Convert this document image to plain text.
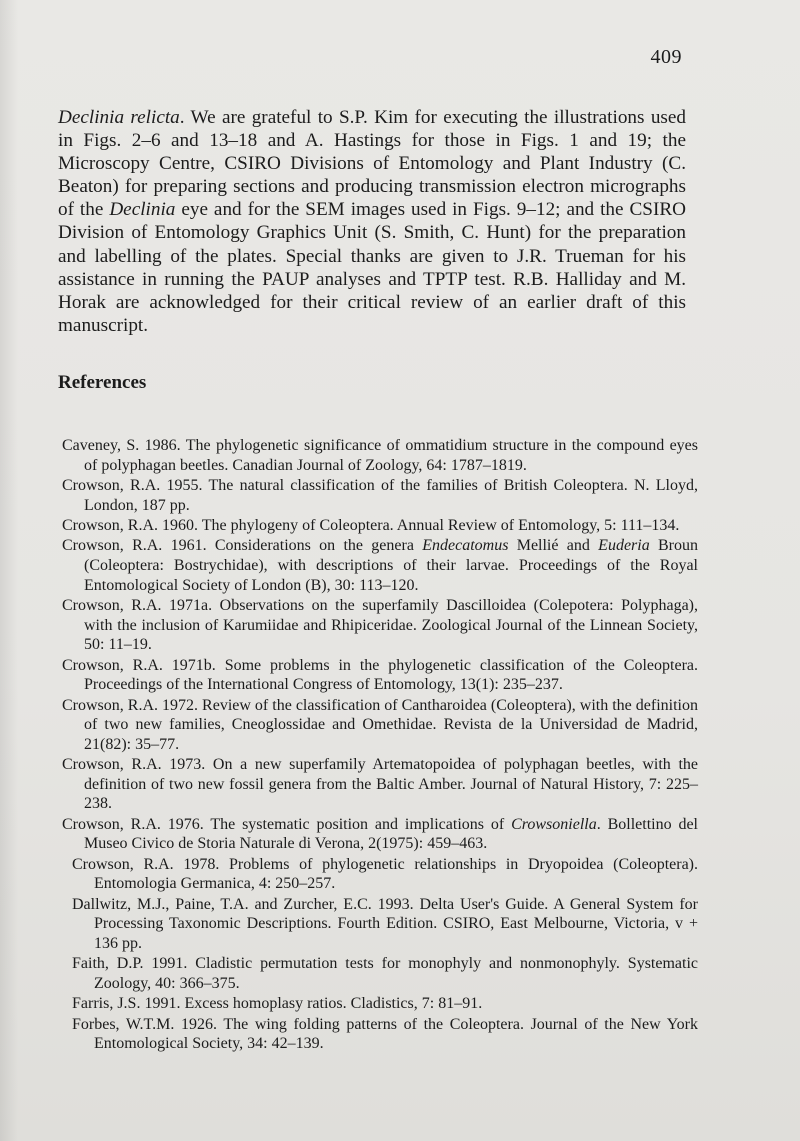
409

Declinia relicta. We are grateful to S.P. Kim for executing the illustrations used in Figs. 2–6 and 13–18 and A. Hastings for those in Figs. 1 and 19; the Microscopy Centre, CSIRO Divisions of Entomology and Plant Industry (C. Beaton) for preparing sections and producing transmission electron micrographs of the Declinia eye and for the SEM images used in Figs. 9–12; and the CSIRO Division of Entomology Graphics Unit (S. Smith, C. Hunt) for the preparation and labelling of the plates. Special thanks are given to J.R. Trueman for his assistance in running the PAUP analyses and TPTP test. R.B. Halliday and M. Horak are acknowledged for their critical review of an earlier draft of this manuscript.

References
Caveney, S. 1986. The phylogenetic significance of ommatidium structure in the compound eyes of polyphagan beetles. Canadian Journal of Zoology, 64: 1787–1819.
Crowson, R.A. 1955. The natural classification of the families of British Coleoptera. N. Lloyd, London, 187 pp.
Crowson, R.A. 1960. The phylogeny of Coleoptera. Annual Review of Entomology, 5: 111–134.
Crowson, R.A. 1961. Considerations on the genera Endecatomus Mellié and Euderia Broun (Coleoptera: Bostrychidae), with descriptions of their larvae. Proceedings of the Royal Entomological Society of London (B), 30: 113–120.
Crowson, R.A. 1971a. Observations on the superfamily Dascilloidea (Colepotera: Polyphaga), with the inclusion of Karumiidae and Rhipiceridae. Zoological Journal of the Linnean Society, 50: 11–19.
Crowson, R.A. 1971b. Some problems in the phylogenetic classification of the Coleoptera. Proceedings of the International Congress of Entomology, 13(1): 235–237.
Crowson, R.A. 1972. Review of the classification of Cantharoidea (Coleoptera), with the definition of two new families, Cneoglossidae and Omethidae. Revista de la Universidad de Madrid, 21(82): 35–77.
Crowson, R.A. 1973. On a new superfamily Artematopoidea of polyphagan beetles, with the definition of two new fossil genera from the Baltic Amber. Journal of Natural History, 7: 225–238.
Crowson, R.A. 1976. The systematic position and implications of Crowsoniella. Bollettino del Museo Civico de Storia Naturale di Verona, 2(1975): 459–463.
Crowson, R.A. 1978. Problems of phylogenetic relationships in Dryopoidea (Coleoptera). Entomologia Germanica, 4: 250–257.
Dallwitz, M.J., Paine, T.A. and Zurcher, E.C. 1993. Delta User's Guide. A General System for Processing Taxonomic Descriptions. Fourth Edition. CSIRO, East Melbourne, Victoria, v + 136 pp.
Faith, D.P. 1991. Cladistic permutation tests for monophyly and nonmonophyly. Systematic Zoology, 40: 366–375.
Farris, J.S. 1991. Excess homoplasy ratios. Cladistics, 7: 81–91.
Forbes, W.T.M. 1926. The wing folding patterns of the Coleoptera. Journal of the New York Entomological Society, 34: 42–139.
